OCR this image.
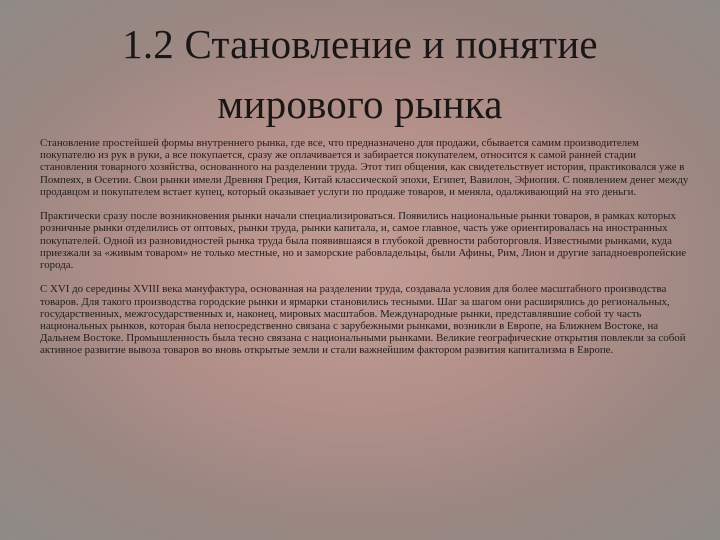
1.2 Становление и понятие
мирового рынка

Становление простейшей формы внутреннего рынка, где все, что предназначено для продажи, сбывается самим производителем покупателю из рук в руки, а все покупается, сразу же оплачивается и забирается покупателем, относится к самой ранней стадии становления товарного хозяйства, основанного на разделении труда. Этот тип общения, как свидетельствует история, практиковался уже в Помпеях, в Осетии. Свои рынки имели Древняя Греция, Китай классической эпохи, Египет, Вавилон, Эфиопия. С появлением денег между продавцом и покупателем встает купец, который оказывает услуги по продаже товаров, и меняла, одалживающий на это деньги.

Практически сразу после возникновения рынки начали специализироваться. Появились национальные рынки товаров, в рамках которых розничные рынки отделились от оптовых, рынки труда, рынки капитала, и, самое главное, часть уже ориентировалась на иностранных покупателей. Одной из разновидностей рынка труда была появившаяся в глубокой древности работорговля. Известными рынками, куда приезжали за «живым товаром» не только местные, но и заморские рабовладельцы, были Афины, Рим, Лион и другие западноевропейские города.

С XVI до середины XVIII века мануфактура, основанная на разделении труда, создавала условия для более масштабного производства товаров. Для такого производства городские рынки и ярмарки становились тесными. Шаг за шагом они расширялись до региональных, государственных, межгосударственных и, наконец, мировых масштабов. Международные рынки, представлявшие собой ту часть национальных рынков, которая была непосредственно связана с зарубежными рынками, возникли в Европе, на Ближнем Востоке, на Дальнем Востоке. Промышленность была тесно связана с национальными рынками. Великие географические открытия повлекли за собой активное развитие вывоза товаров во вновь открытые земли и стали важнейшим фактором развития капитализма в Европе.
